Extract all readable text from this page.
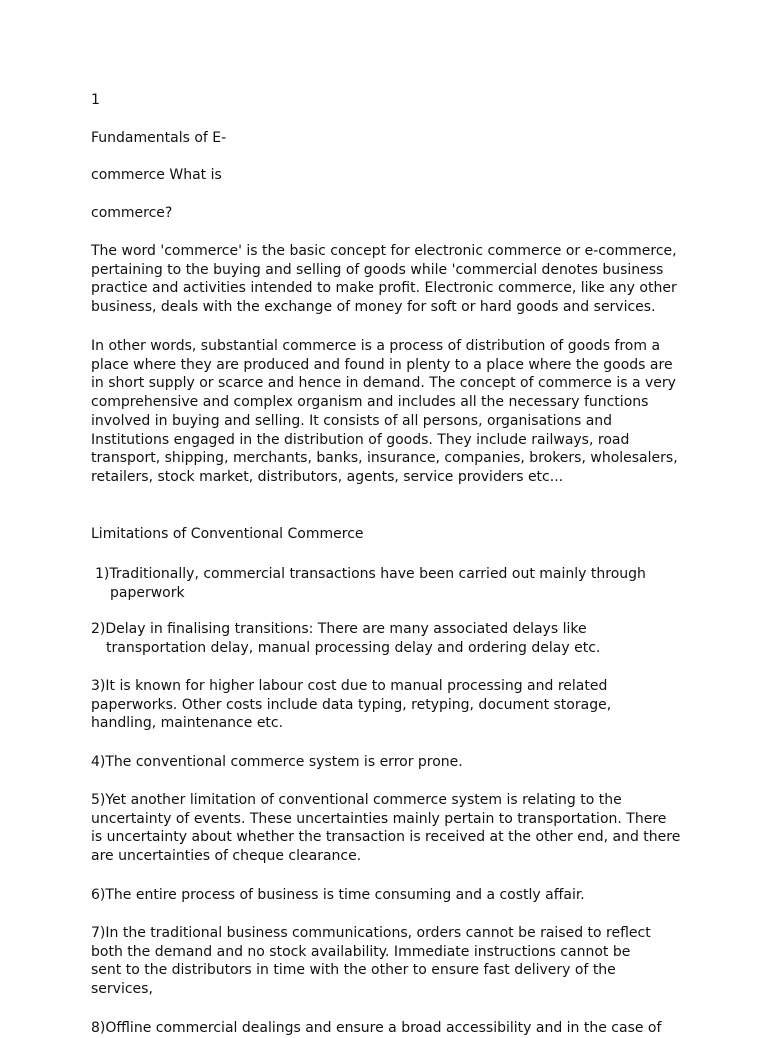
1
Fundamentals of E-
commerce What is
commerce?
The word 'commerce' is the basic concept for electronic commerce or e-commerce,
pertaining to the buying and selling of goods while 'commercial denotes business
practice and activities intended to make profit. Electronic commerce, like any other
business, deals with the exchange of money for soft or hard goods and services.
In other words, substantial commerce is a process of distribution of goods from a
place where they are produced and found in plenty to a place where the goods are
in short supply or scarce and hence in demand. The concept of commerce is a very
comprehensive and complex organism and includes all the necessary functions
involved in buying and selling. It consists of all persons, organisations and
Institutions engaged in the distribution of goods. They include railways, road
transport, shipping, merchants, banks, insurance, companies, brokers, wholesalers,
retailers, stock market, distributors, agents, service providers etc...
Limitations of Conventional Commerce
1)Traditionally, commercial transactions have been carried out mainly through
paperwork
2)Delay in finalising transitions: There are many associated delays like
transportation delay, manual processing delay and ordering delay etc.
3)It is known for higher labour cost due to manual processing and related
paperworks. Other costs include data typing, retyping, document storage,
handling, maintenance etc.
4)The conventional commerce system is error prone.
5)Yet another limitation of conventional commerce system is relating to the
uncertainty of events. These uncertainties mainly pertain to transportation. There
is uncertainty about whether the transaction is received at the other end, and there
are uncertainties of cheque clearance.
6)The entire process of business is time consuming and a costly affair.
7)In the traditional business communications, orders cannot be raised to reflect
both the demand and no stock availability. Immediate instructions cannot be
sent to the distributors in time with the other to ensure fast delivery of the
services,
8)Offline commercial dealings and ensure a broad accessibility and in the case of
